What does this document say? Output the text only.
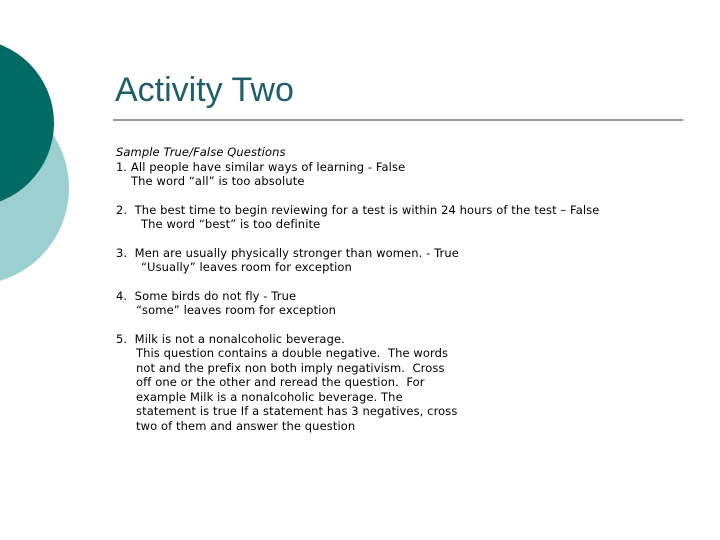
Activity Two
Sample True/False Questions
1. All people have similar ways of learning - False
The word “all” is too absolute
2.  The best time to begin reviewing for a test is within 24 hours of the test – False
The word “best” is too definite
3.  Men are usually physically stronger than women. - True
“Usually” leaves room for exception
4.  Some birds do not fly - True
“some” leaves room for exception
5.  Milk is not a nonalcoholic beverage.
This question contains a double negative.  The words
not and the prefix non both imply negativism.  Cross
off one or the other and reread the question.  For
example Milk is a nonalcoholic beverage. The
statement is true If a statement has 3 negatives, cross
two of them and answer the question
